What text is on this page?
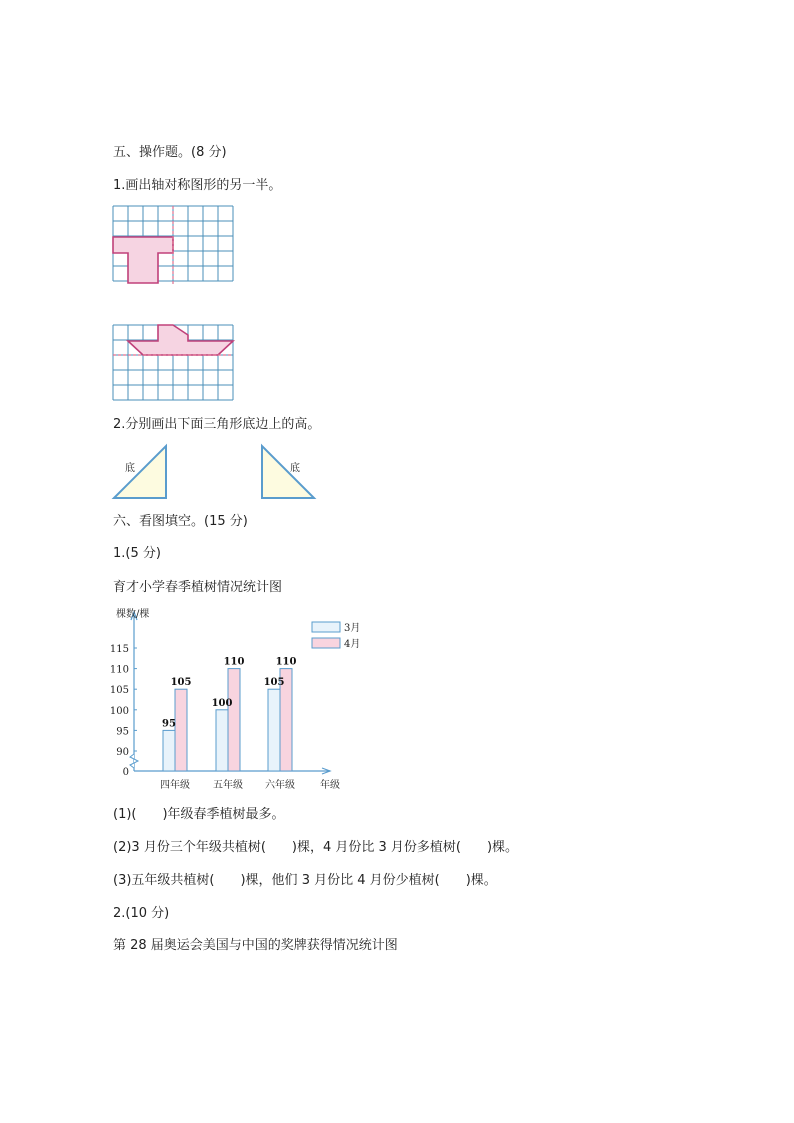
五、操作题。(8 分)
1.画出轴对称图形的另一半。
2.分别画出下面三角形底边上的高。
底	底
六、看图填空。(15 分)
1.(5 分)
育才小学春季植树情况统计图
0
90
95
100
105
110
115
棵数/棵
年级
95
105
四年级
100
110
五年级
105
110
六年级
3月
4月
(1)(　　)年级春季植树最多。
(2)3 月份三个年级共植树(　　)棵，4 月份比 3 月份多植树(　　)棵。
(3)五年级共植树(　　)棵，他们 3 月份比 4 月份少植树(　　)棵。
2.(10 分)
第 28 届奥运会美国与中国的奖牌获得情况统计图
